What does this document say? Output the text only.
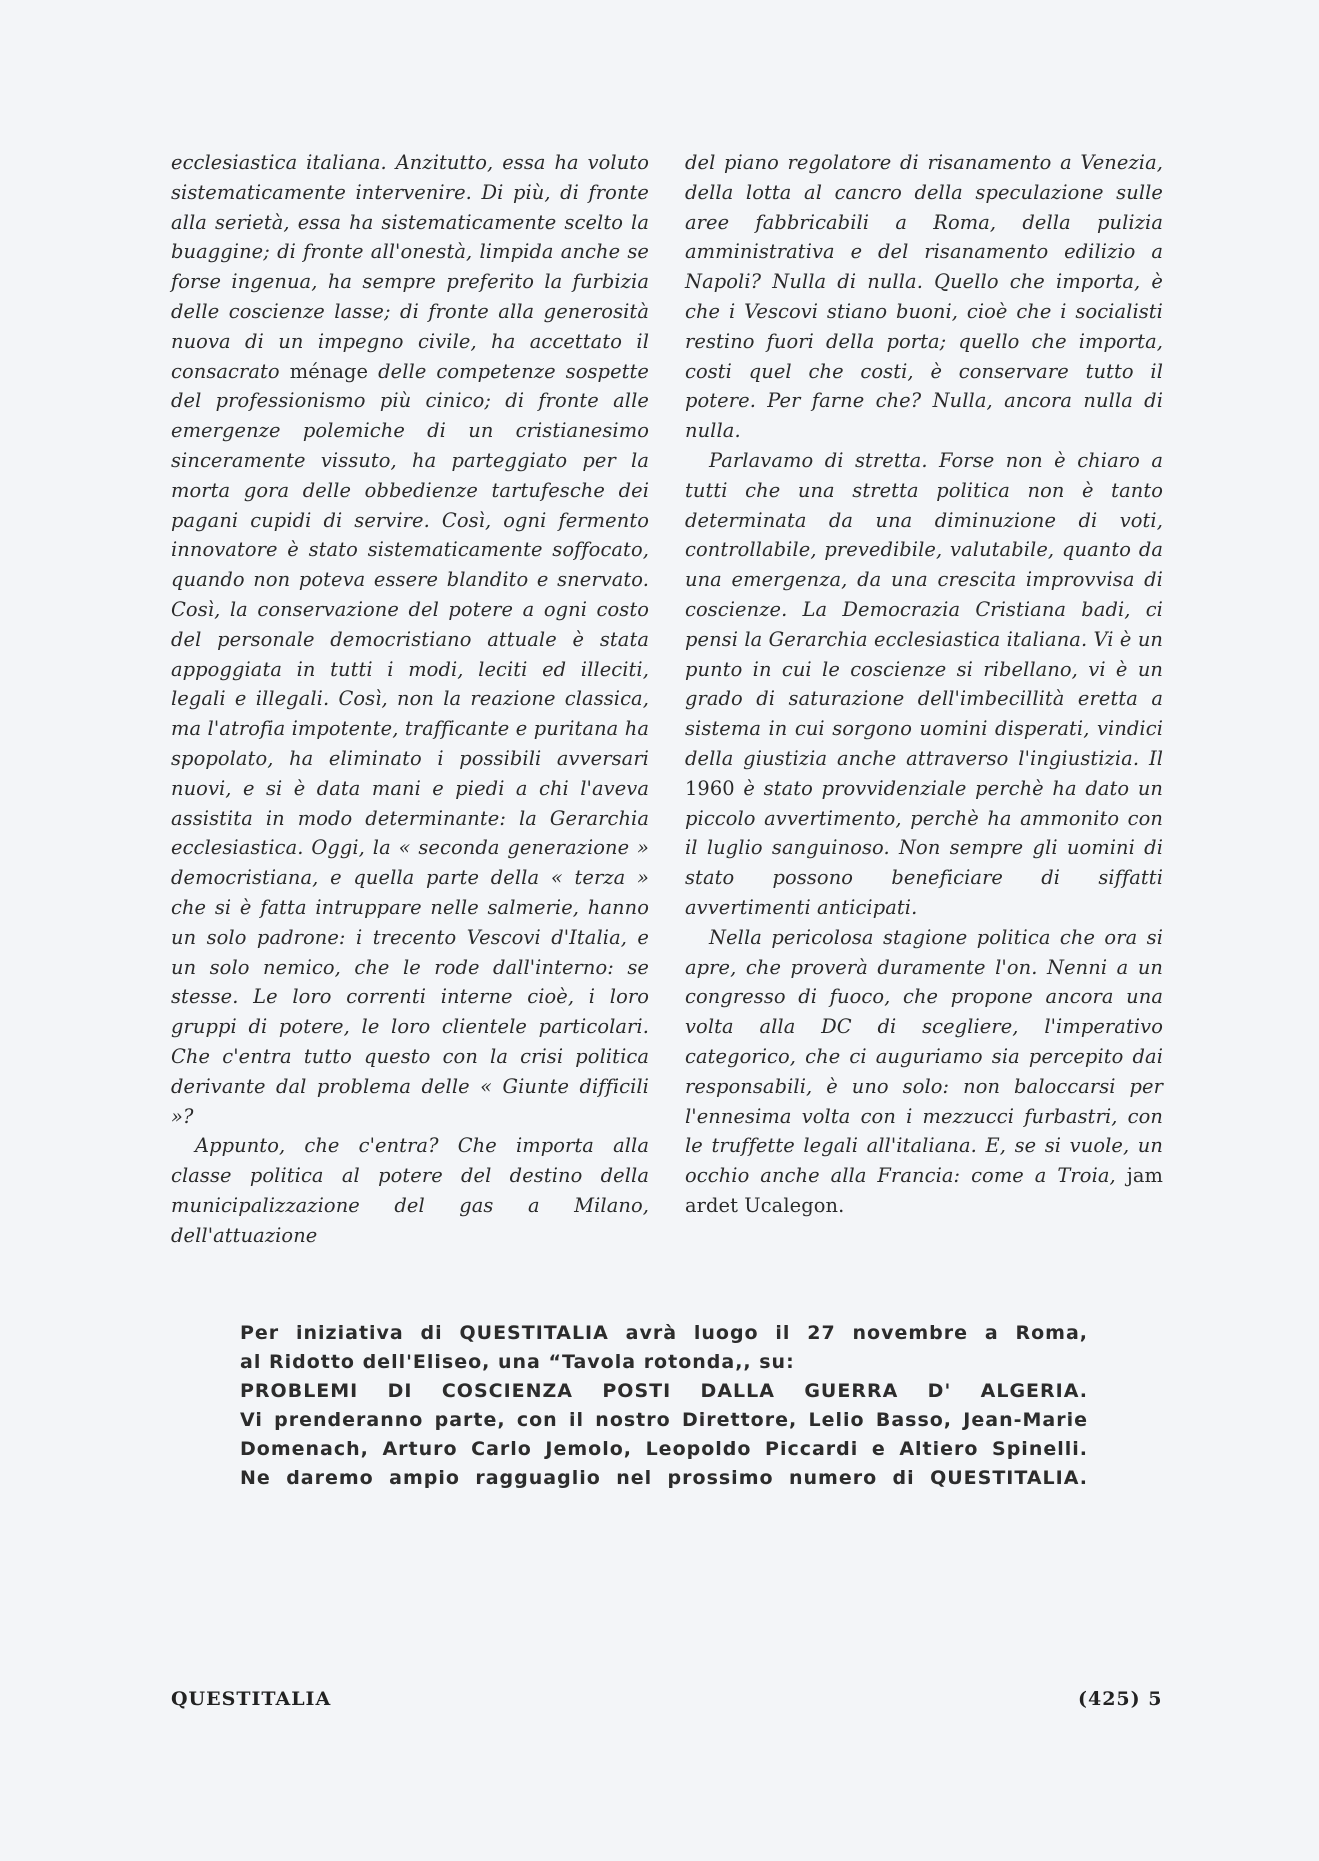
ecclesiastica italiana. Anzitutto, essa ha voluto sistematicamente intervenire. Di più, di fronte alla serietà, essa ha sistematicamente scelto la buaggine; di fronte all'onestà, limpida anche se forse ingenua, ha sempre preferito la furbizia delle coscienze lasse; di fronte alla generosità nuova di un impegno civile, ha accettato il consacrato ménage delle competenze sospette del professionismo più cinico; di fronte alle emergenze polemiche di un cristianesimo sinceramente vissuto, ha parteggiato per la morta gora delle obbedienze tartufesche dei pagani cupidi di servire. Così, ogni fermento innovatore è stato sistematicamente soffocato, quando non poteva essere blandito e snervato. Così, la conservazione del potere a ogni costo del personale democristiano attuale è stata appoggiata in tutti i modi, leciti ed illeciti, legali e illegali. Così, non la reazione classica, ma l'atrofia impotente, trafficante e puritana ha spopolato, ha eliminato i possibili avversari nuovi, e si è data mani e piedi a chi l'aveva assistita in modo determinante: la Gerarchia ecclesiastica. Oggi, la « seconda generazione » democristiana, e quella parte della « terza » che si è fatta intruppare nelle salmerie, hanno un solo padrone: i trecento Vescovi d'Italia, e un solo nemico, che le rode dall'interno: se stesse. Le loro correnti interne cioè, i loro gruppi di potere, le loro clientele particolari. Che c'entra tutto questo con la crisi politica derivante dal problema delle « Giunte difficili »?

Appunto, che c'entra? Che importa alla classe politica al potere del destino della municipalizzazione del gas a Milano, dell'attuazione

del piano regolatore di risanamento a Venezia, della lotta al cancro della speculazione sulle aree fabbricabili a Roma, della pulizia amministrativa e del risanamento edilizio a Napoli? Nulla di nulla. Quello che importa, è che i Vescovi stiano buoni, cioè che i socialisti restino fuori della porta; quello che importa, costi quel che costi, è conservare tutto il potere. Per farne che? Nulla, ancora nulla di nulla.

Parlavamo di stretta. Forse non è chiaro a tutti che una stretta politica non è tanto determinata da una diminuzione di voti, controllabile, prevedibile, valutabile, quanto da una emergenza, da una crescita improvvisa di coscienze. La Democrazia Cristiana badi, ci pensi la Gerarchia ecclesiastica italiana. Vi è un punto in cui le coscienze si ribellano, vi è un grado di saturazione dell'imbecillità eretta a sistema in cui sorgono uomini disperati, vindici della giustizia anche attraverso l'ingiustizia. Il 1960 è stato provvidenziale perchè ha dato un piccolo avvertimento, perchè ha ammonito con il luglio sanguinoso. Non sempre gli uomini di stato possono beneficiare di siffatti avvertimenti anticipati.

Nella pericolosa stagione politica che ora si apre, che proverà duramente l'on. Nenni a un congresso di fuoco, che propone ancora una volta alla DC di scegliere, l'imperativo categorico, che ci auguriamo sia percepito dai responsabili, è uno solo: non baloccarsi per l'ennesima volta con i mezzucci furbastri, con le truffette legali all'italiana. E, se si vuole, un occhio anche alla Francia: come a Troia, jam ardet Ucalegon.

Per iniziativa di QUESTITALIA avrà luogo il 27 novembre a Roma,
al Ridotto dell'Eliseo, una “Tavola rotonda,, su:
PROBLEMI DI COSCIENZA POSTI DALLA GUERRA D' ALGERIA.
Vi prenderanno parte, con il nostro Direttore, Lelio Basso, Jean-Marie
Domenach, Arturo Carlo Jemolo, Leopoldo Piccardi e Altiero Spinelli.
Ne daremo ampio ragguaglio nel prossimo numero di QUESTITALIA.
QUESTITALIA	(425) 5
